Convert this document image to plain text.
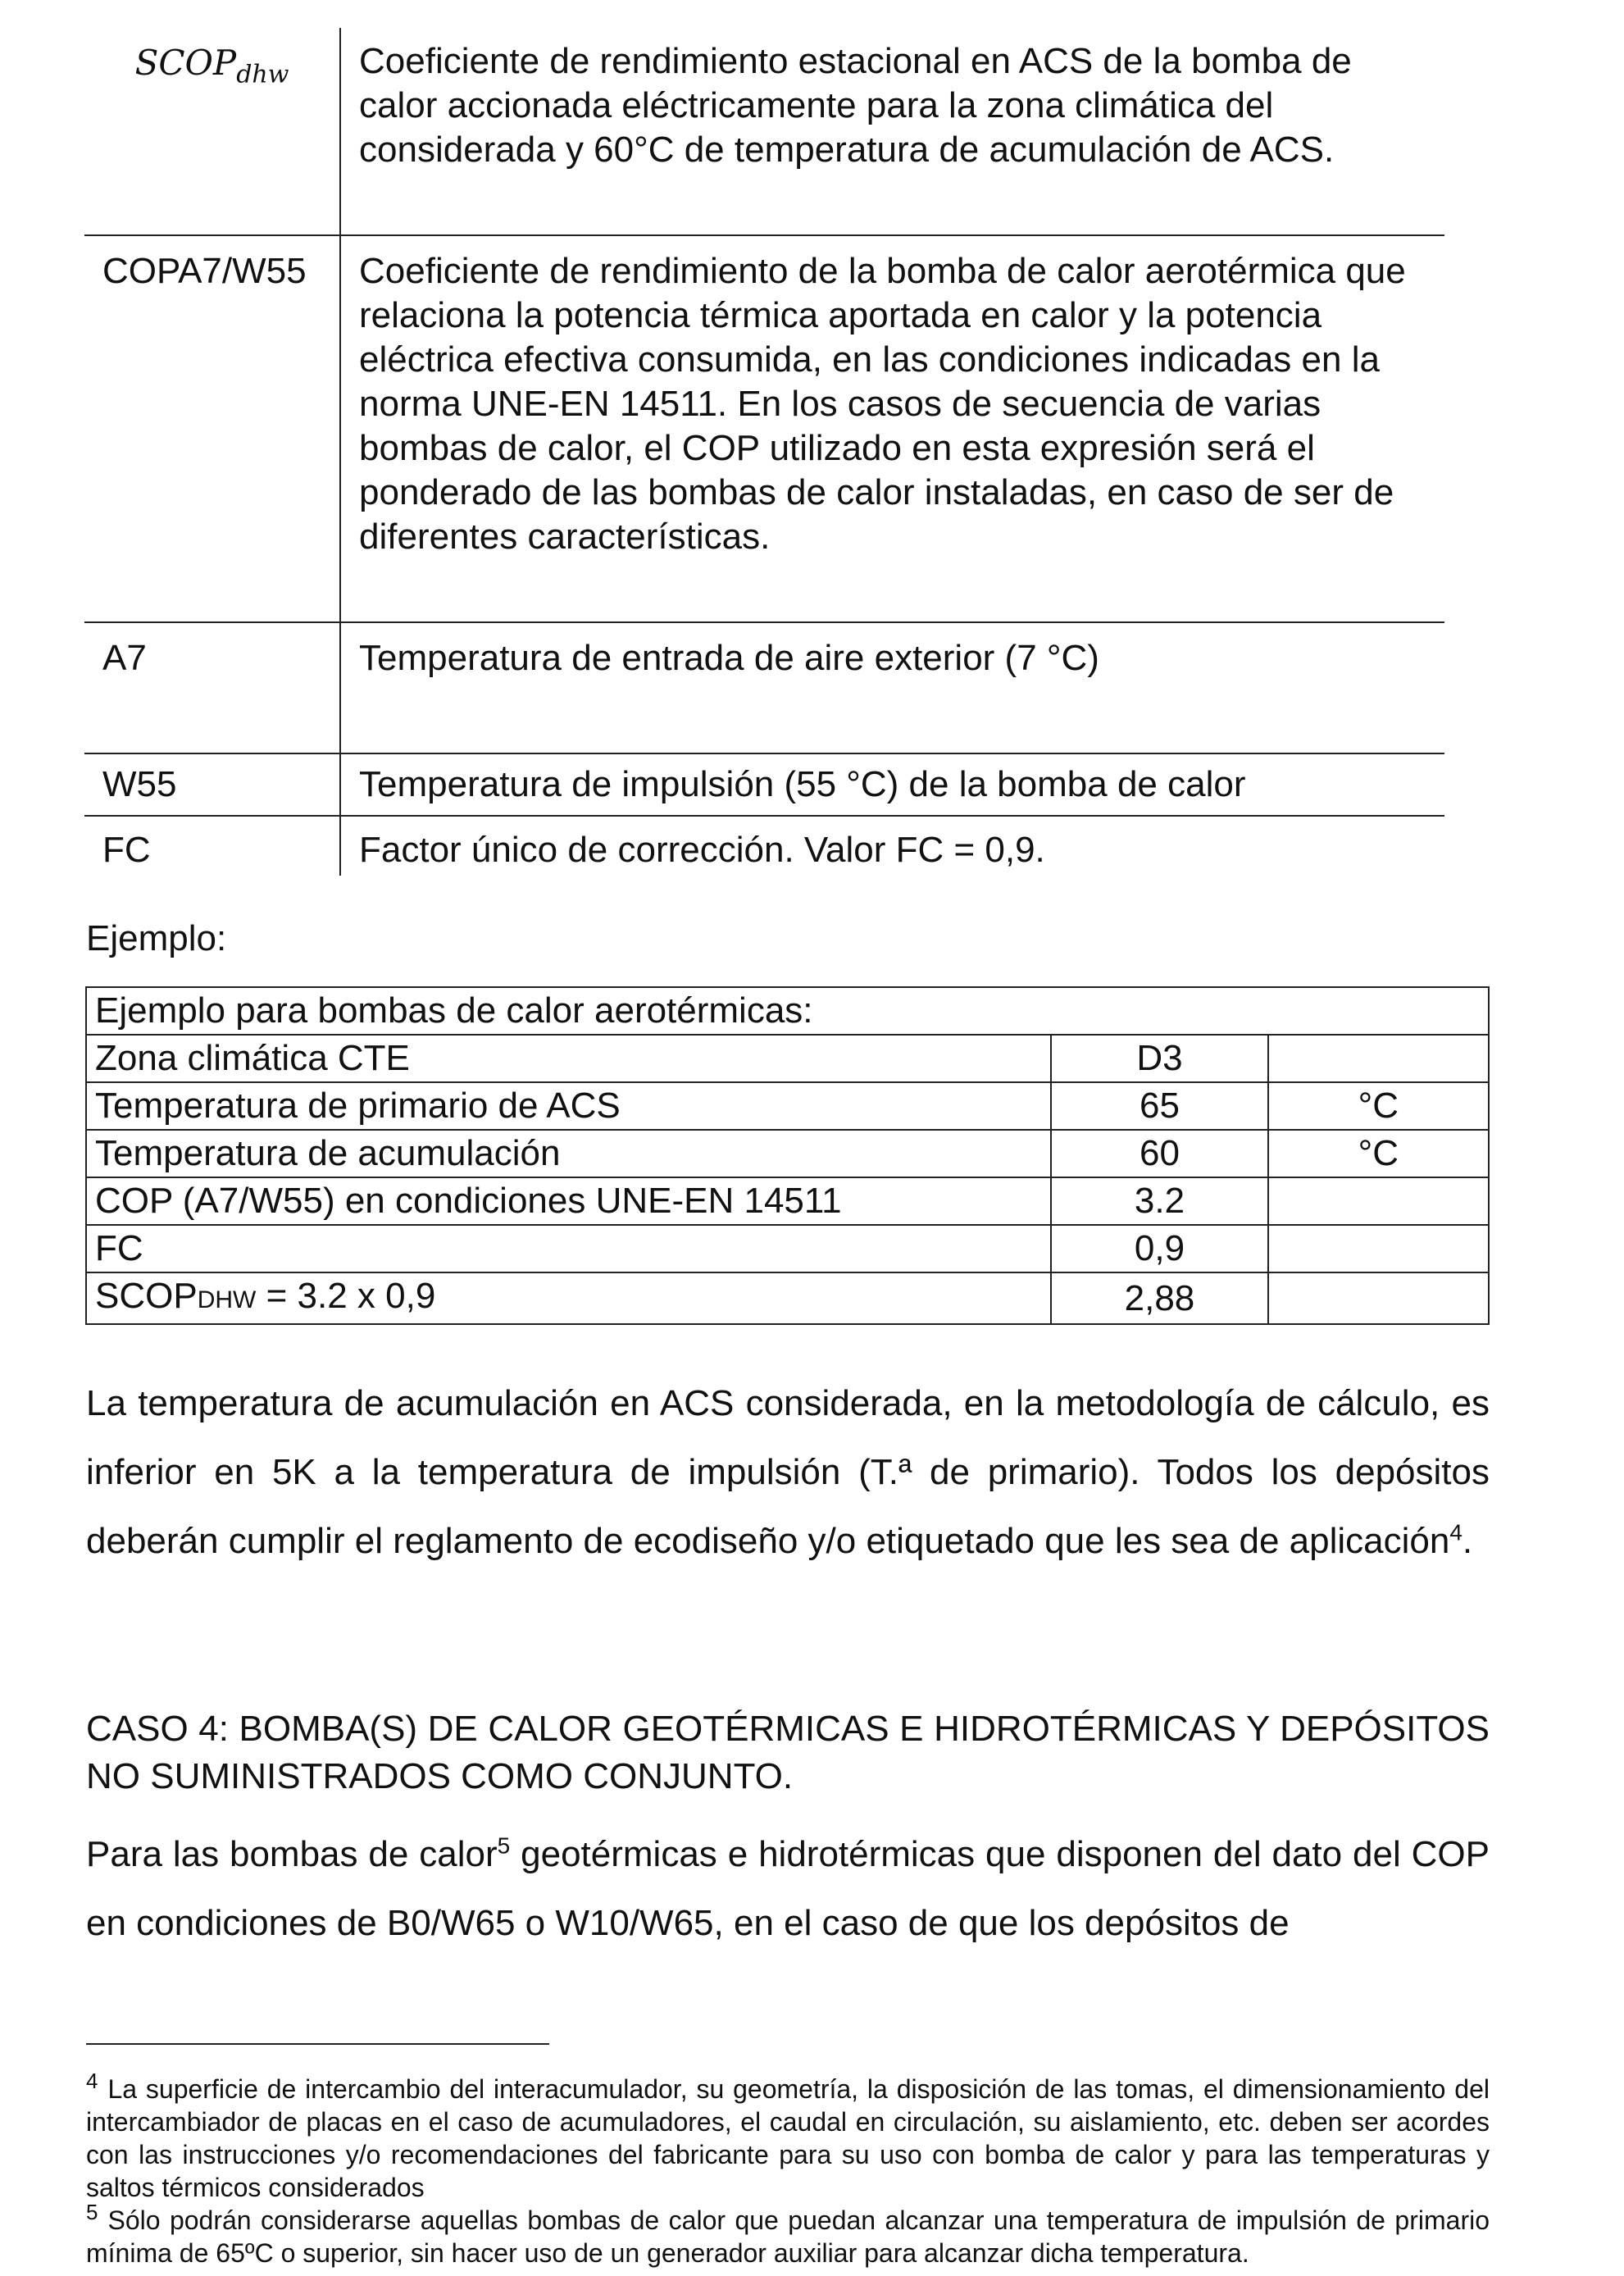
$SCOP_{dhw}$	Coeficiente de rendimiento estacional en ACS de la bomba de calor accionada eléctricamente para la zona climática del considerada y 60°C de temperatura de acumulación de ACS.
COPA7/W55	Coeficiente de rendimiento de la bomba de calor aerotérmica que relaciona la potencia térmica aportada en calor y la potencia eléctrica efectiva consumida, en las condiciones indicadas en la norma UNE-EN 14511. En los casos de secuencia de varias bombas de calor, el COP utilizado en esta expresión será el ponderado de las bombas de calor instaladas, en caso de ser de diferentes características.
A7	Temperatura de entrada de aire exterior (7 °C)
W55	Temperatura de impulsión (55 °C) de la bomba de calor
FC	Factor único de corrección. Valor FC = 0,9.
Ejemplo:
Ejemplo para bombas de calor aerotérmicas:		
Zona climática CTE	D3	
Temperatura de primario de ACS	65	°C
Temperatura de acumulación	60	°C
COP (A7/W55) en condiciones UNE-EN 14511	3.2	
FC	0,9	
SCOPDHW = 3.2 x 0,9	2,88	
La temperatura de acumulación en ACS considerada, en la metodología de cálculo, es inferior en 5K a la temperatura de impulsión (T.ª de primario). Todos los depósitos deberán cumplir el reglamento de ecodiseño y/o etiquetado que les sea de aplicación$^4$.
CASO 4: BOMBA(S) DE CALOR GEOTÉRMICAS E HIDROTÉRMICAS Y DEPÓSITOS NO SUMINISTRADOS COMO CONJUNTO.
Para las bombas de calor$^5$ geotérmicas e hidrotérmicas que disponen del dato del COP en condiciones de B0/W65 o W10/W65, en el caso de que los depósitos de
$^4$ La superficie de intercambio del interacumulador, su geometría, la disposición de las tomas, el dimensionamiento del intercambiador de placas en el caso de acumuladores, el caudal en circulación, su aislamiento, etc. deben ser acordes con las instrucciones y/o recomendaciones del fabricante para su uso con bomba de calor y para las temperaturas y saltos térmicos considerados
$^5$ Sólo podrán considerarse aquellas bombas de calor que puedan alcanzar una temperatura de impulsión de primario mínima de 65ºC o superior, sin hacer uso de un generador auxiliar para alcanzar dicha temperatura.
